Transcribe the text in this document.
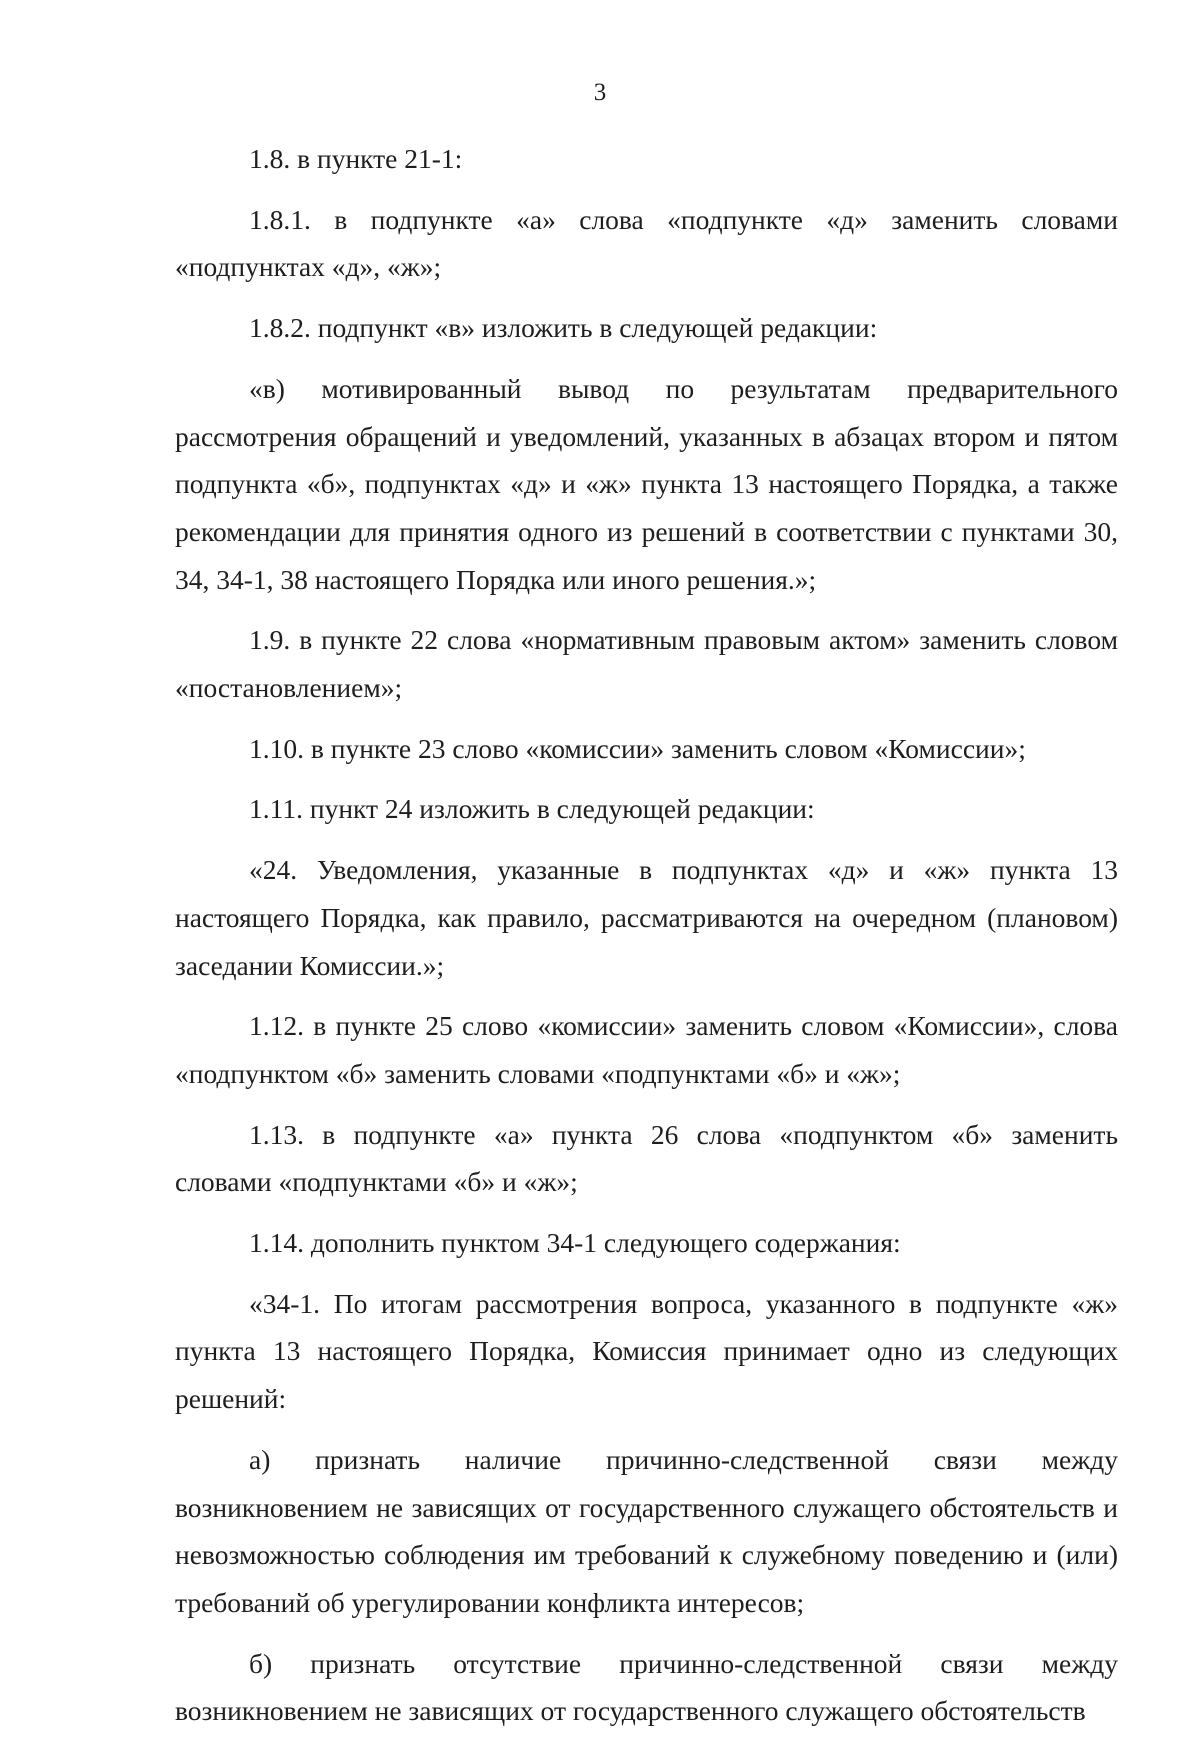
3

1.8. в пункте 21-1:

1.8.1. в подпункте «а» слова «подпункте «д» заменить словами «подпунктах «д», «ж»;

1.8.2. подпункт «в» изложить в следующей редакции:

«в) мотивированный вывод по результатам предварительного рассмотрения обращений и уведомлений, указанных в абзацах втором и пятом подпункта «б», подпунктах «д» и «ж» пункта 13 настоящего Порядка, а также рекомендации для принятия одного из решений в соответствии с пунктами 30, 34, 34-1, 38 настоящего Порядка или иного решения.»;

1.9. в пункте 22 слова «нормативным правовым актом» заменить словом «постановлением»;

1.10. в пункте 23 слово «комиссии» заменить словом «Комиссии»;

1.11. пункт 24 изложить в следующей редакции:

«24. Уведомления, указанные в подпунктах «д» и «ж» пункта 13 настоящего Порядка, как правило, рассматриваются на очередном (плановом) заседании Комиссии.»;

1.12. в пункте 25 слово «комиссии» заменить словом «Комиссии», слова «подпунктом «б» заменить словами «подпунктами «б» и «ж»;

1.13. в подпункте «а» пункта 26 слова «подпунктом «б» заменить словами «подпунктами «б» и «ж»;

1.14. дополнить пунктом 34-1 следующего содержания:

«34-1. По итогам рассмотрения вопроса, указанного в подпункте «ж» пункта 13 настоящего Порядка, Комиссия принимает одно из следующих решений:

а) признать наличие причинно-следственной связи между возникновением не зависящих от государственного служащего обстоятельств и невозможностью соблюдения им требований к служебному поведению и (или) требований об урегулировании конфликта интересов;

б) признать отсутствие причинно-следственной связи между возникновением не зависящих от государственного служащего обстоятельств
